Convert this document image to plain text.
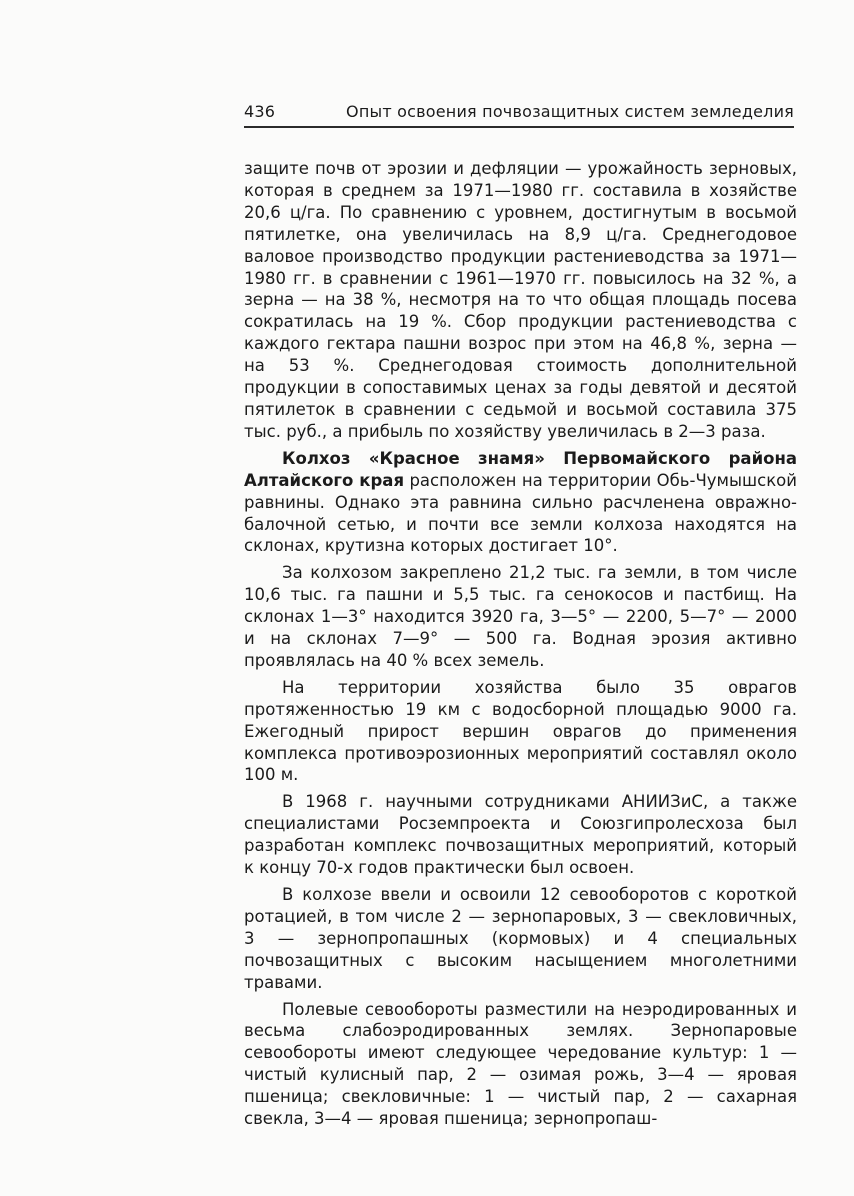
436	Опыт освоения почвозащитных систем земледелия

защите почв от эрозии и дефляции — урожайность зерновых, которая в среднем за 1971—1980 гг. составила в хозяйстве 20,6 ц/га. По сравнению с уровнем, достигнутым в восьмой пятилетке, она увеличилась на 8,9 ц/га. Среднегодовое валовое производство продукции растениеводства за 1971—1980 гг. в сравнении с 1961—1970 гг. повысилось на 32 %, а зерна — на 38 %, несмотря на то что общая площадь посева сократилась на 19 %. Сбор продукции растениеводства с каждого гектара пашни возрос при этом на 46,8 %, зерна — на 53 %. Среднегодовая стоимость дополнительной продукции в сопоставимых ценах за годы девятой и десятой пятилеток в сравнении с седьмой и восьмой составила 375 тыс. руб., а прибыль по хозяйству увеличилась в 2—3 раза.

Колхоз «Красное знамя» Первомайского района Алтайского края расположен на территории Обь-Чумышской равнины. Однако эта равнина сильно расчленена овражно-балочной сетью, и почти все земли колхоза находятся на склонах, крутизна которых достигает 10°.

За колхозом закреплено 21,2 тыс. га земли, в том числе 10,6 тыс. га пашни и 5,5 тыс. га сенокосов и пастбищ. На склонах 1—3° находится 3920 га, 3—5° — 2200, 5—7° — 2000 и на склонах 7—9° — 500 га. Водная эрозия активно проявлялась на 40 % всех земель.

На территории хозяйства было 35 оврагов протяженностью 19 км с водосборной площадью 9000 га. Ежегодный прирост вершин оврагов до применения комплекса противоэрозионных мероприятий составлял около 100 м.

В 1968 г. научными сотрудниками АНИИЗиС, а также специалистами Росземпроекта и Союзгипролесхоза был разработан комплекс почвозащитных мероприятий, который к концу 70-х годов практически был освоен.

В колхозе ввели и освоили 12 севооборотов с короткой ротацией, в том числе 2 — зернопаровых, 3 — свекловичных, 3 — зернопропашных (кормовых) и 4 специальных почвозащитных с высоким насыщением многолетними травами.

Полевые севообороты разместили на неэродированных и весьма слабоэродированных землях. Зернопаровые севообороты имеют следующее чередование культур: 1 — чистый кулисный пар, 2 — озимая рожь, 3—4 — яровая пшеница; свекловичные: 1 — чистый пар, 2 — сахарная свекла, 3—4 — яровая пшеница; зернопропаш-
